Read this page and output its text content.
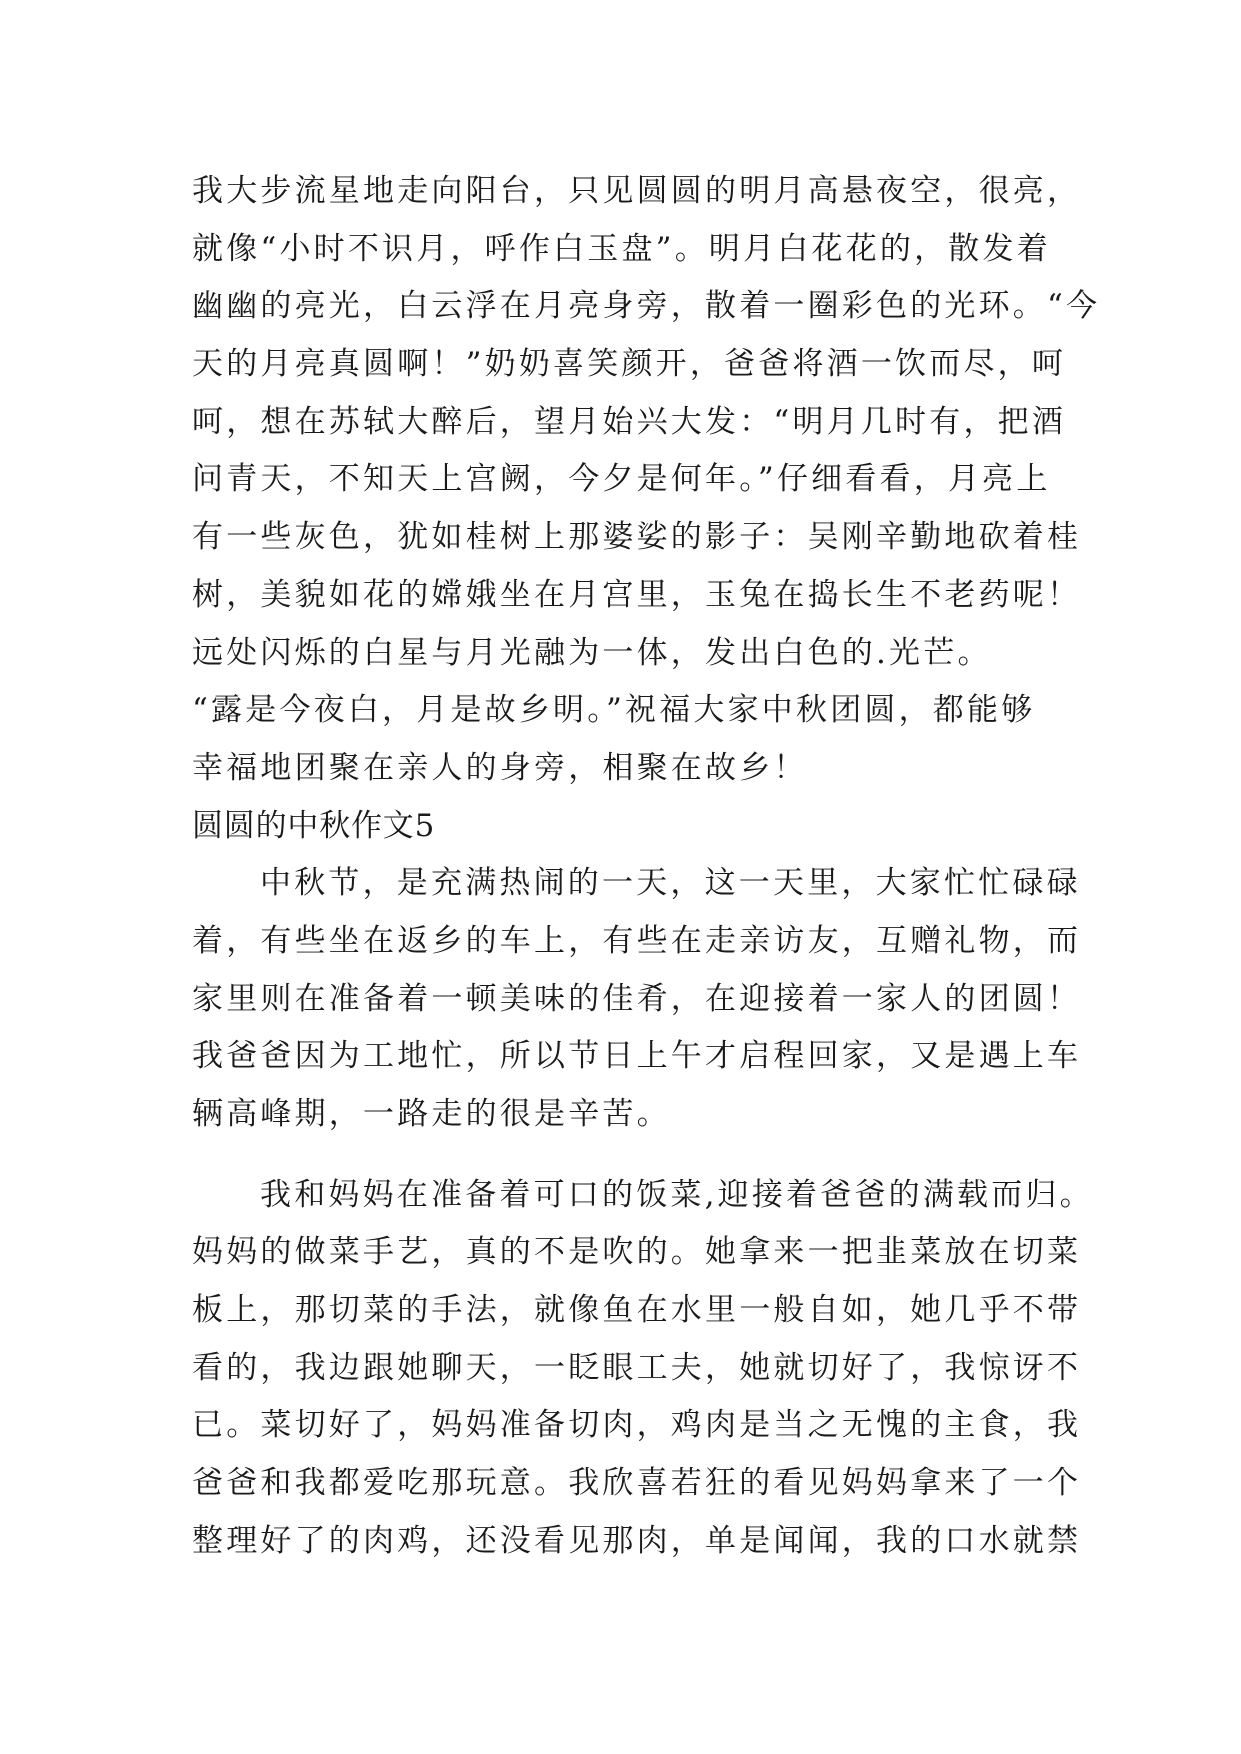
我大步流星地走向阳台，只见圆圆的明月高悬夜空，很亮，
就像“小时不识月，呼作白玉盘”。明月白花花的，散发着
幽幽的亮光，白云浮在月亮身旁，散着一圈彩色的光环。“今
天的月亮真圆啊！”奶奶喜笑颜开，爸爸将酒一饮而尽，呵
呵，想在苏轼大醉后，望月始兴大发：“明月几时有，把酒
问青天，不知天上宫阙，今夕是何年。”仔细看看，月亮上
有一些灰色，犹如桂树上那婆娑的影子：吴刚辛勤地砍着桂
树，美貌如花的嫦娥坐在月宫里，玉兔在捣长生不老药呢！
远处闪烁的白星与月光融为一体，发出白色的.光芒。
“露是今夜白，月是故乡明。”祝福大家中秋团圆，都能够
幸福地团聚在亲人的身旁，相聚在故乡！
圆圆的中秋作文5
中秋节，是充满热闹的一天，这一天里，大家忙忙碌碌
着，有些坐在返乡的车上，有些在走亲访友，互赠礼物，而
家里则在准备着一顿美味的佳肴，在迎接着一家人的团圆！
我爸爸因为工地忙，所以节日上午才启程回家，又是遇上车
辆高峰期，一路走的很是辛苦。
我和妈妈在准备着可口的饭菜,迎接着爸爸的满载而归。
妈妈的做菜手艺，真的不是吹的。她拿来一把韭菜放在切菜
板上，那切菜的手法，就像鱼在水里一般自如，她几乎不带
看的，我边跟她聊天，一眨眼工夫，她就切好了，我惊讶不
已。菜切好了，妈妈准备切肉，鸡肉是当之无愧的主食，我
爸爸和我都爱吃那玩意。我欣喜若狂的看见妈妈拿来了一个
整理好了的肉鸡，还没看见那肉，单是闻闻，我的口水就禁
